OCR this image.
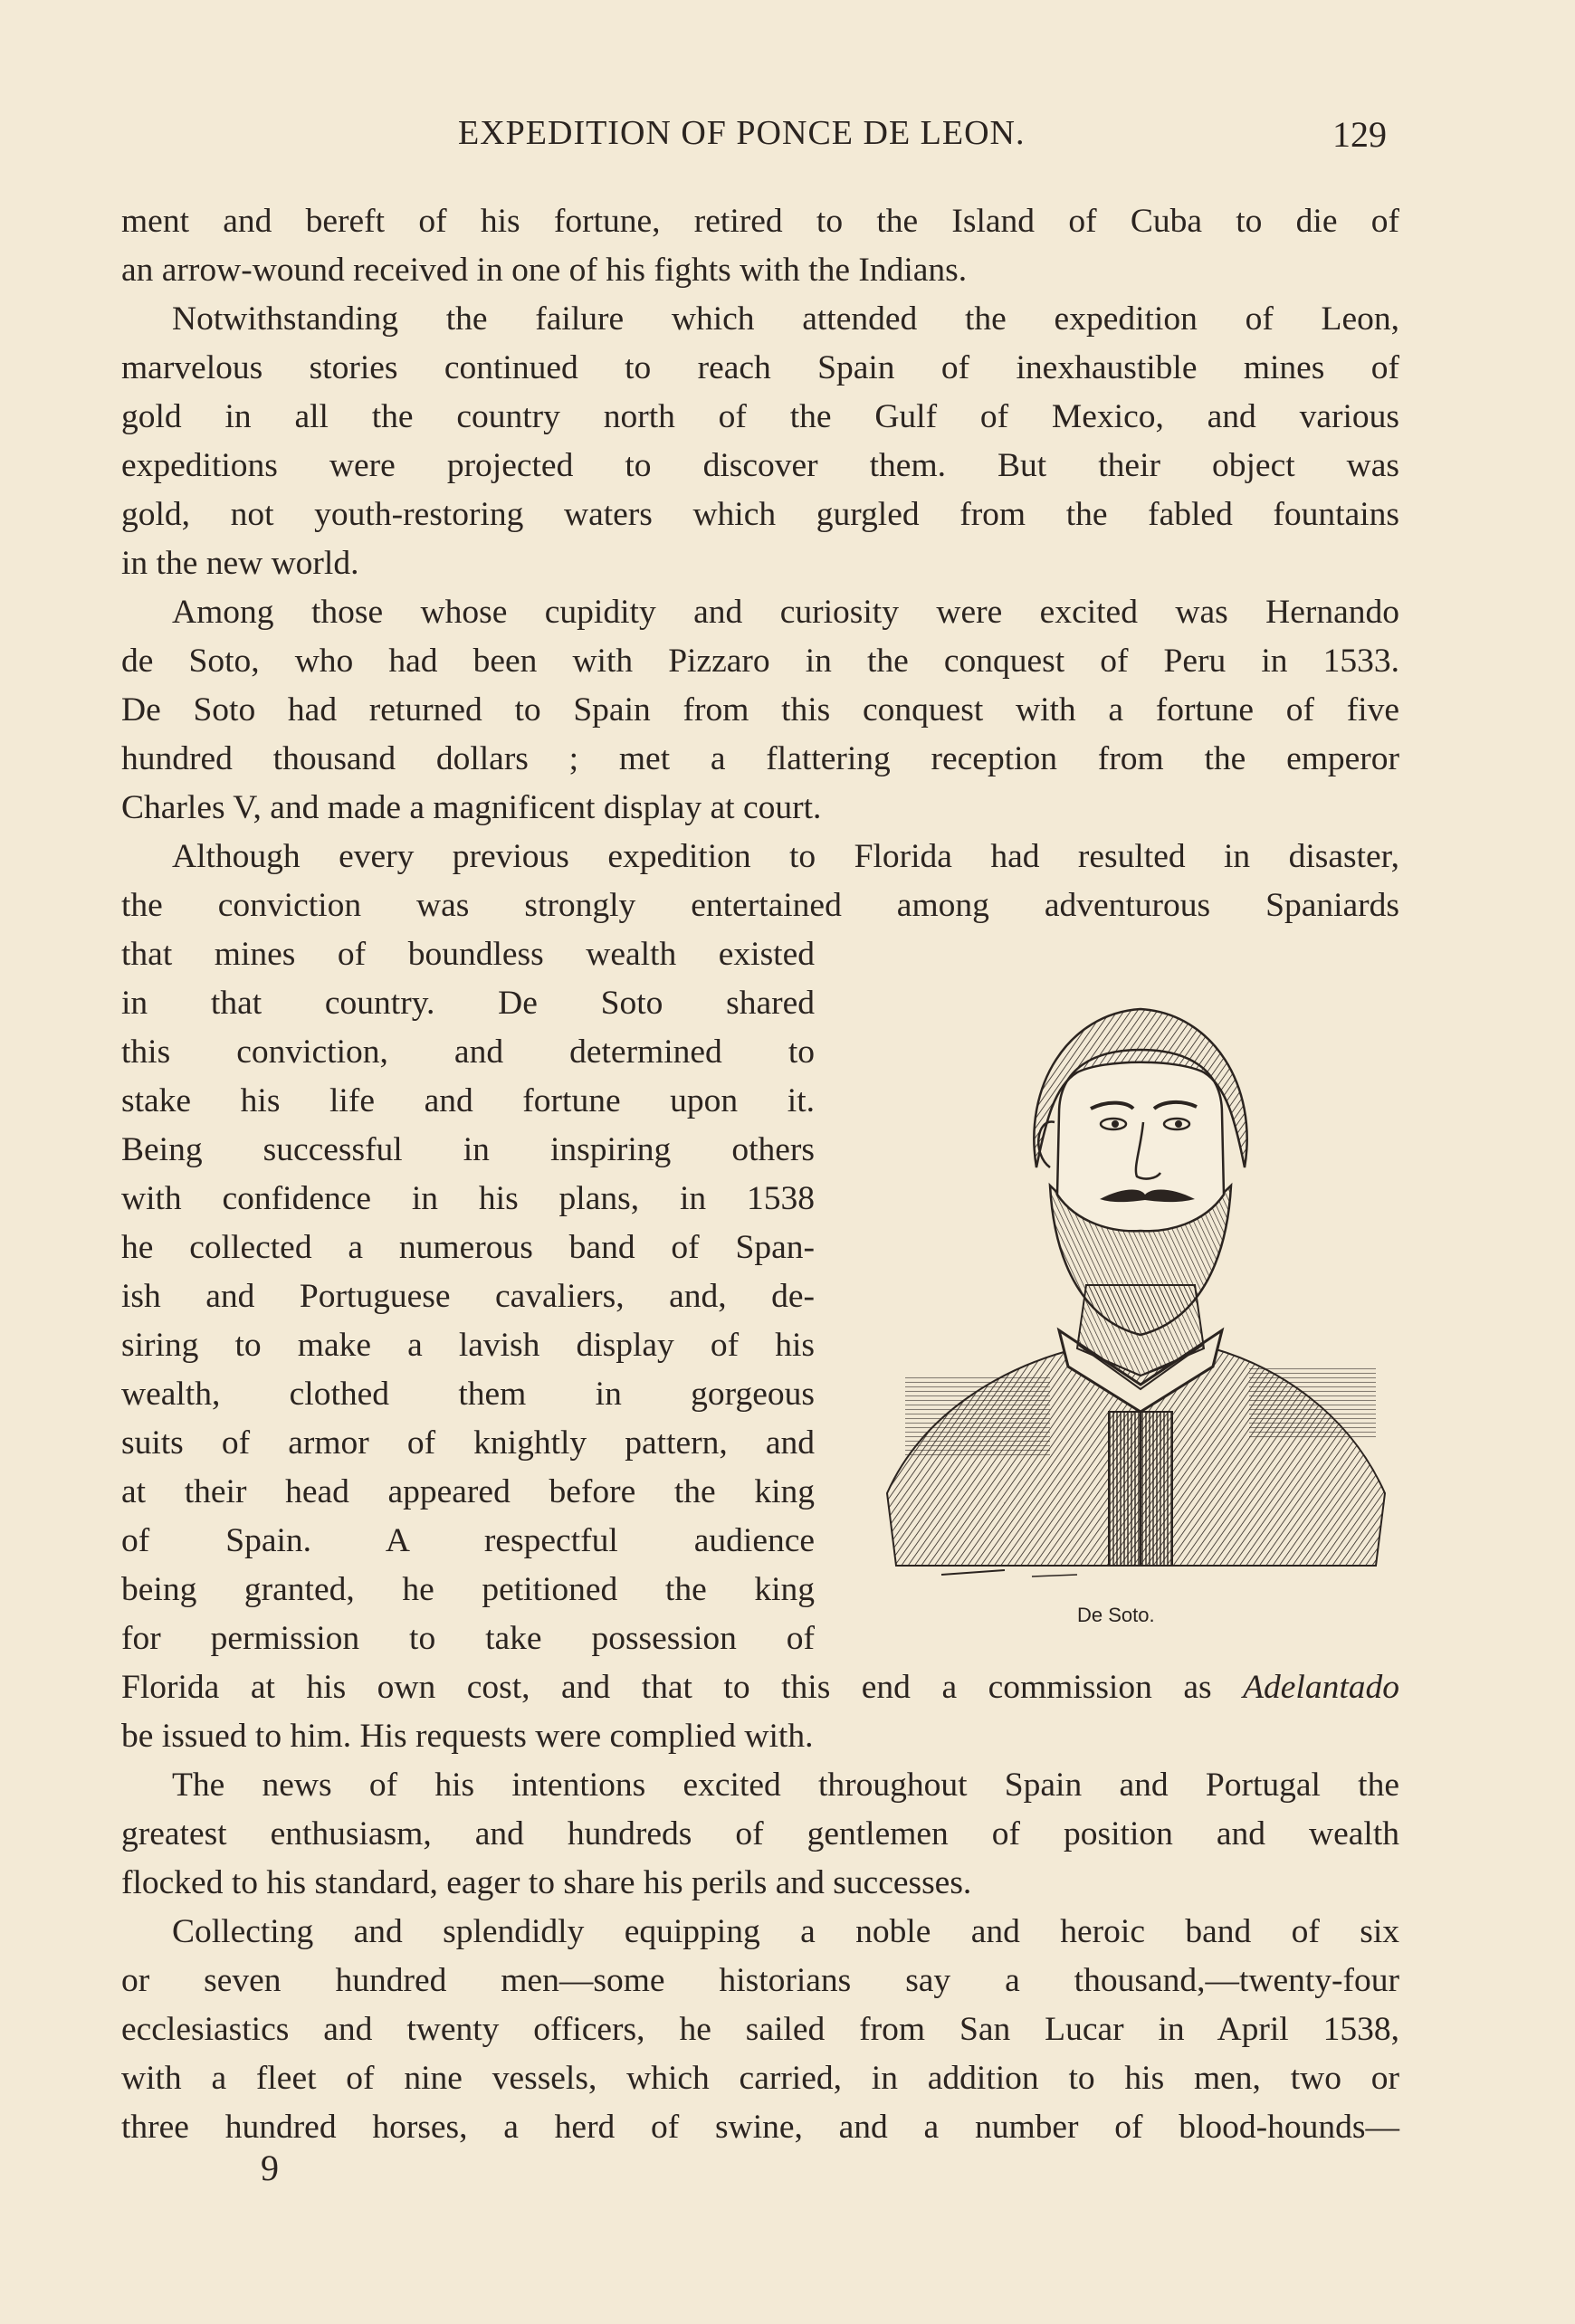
EXPEDITION OF PONCE DE LEON.	129
ment and bereft of his fortune, retired to the Island of Cuba to die of
an arrow-wound received in one of his fights with the Indians.
Notwithstanding the failure which attended the expedition of Leon,
marvelous stories continued to reach Spain of inexhaustible mines of
gold in all the country north of the Gulf of Mexico, and various
expeditions were projected to discover them. But their object was
gold, not youth-restoring waters which gurgled from the fabled fountains
in the new world.
Among those whose cupidity and curiosity were excited was Hernando
de Soto, who had been with Pizzaro in the conquest of Peru in 1533.
De Soto had returned to Spain from this conquest with a fortune of five
hundred thousand dollars ; met a flattering reception from the emperor
Charles V, and made a magnificent display at court.
Although every previous expedition to Florida had resulted in disaster,
the conviction was strongly entertained among adventurous Spaniards
that mines of boundless wealth existed
in that country. De Soto shared
this conviction, and determined to
stake his life and fortune upon it.
Being successful in inspiring others
with confidence in his plans, in 1538
he collected a numerous band of Span-
ish and Portuguese cavaliers, and, de-
siring to make a lavish display of his
wealth, clothed them in gorgeous
suits of armor of knightly pattern, and
at their head appeared before the king
of Spain. A respectful audience
being granted, he petitioned the king
for permission to take possession of
Florida at his own cost, and that to this end a commission as Adelantado
be issued to him. His requests were complied with.
The news of his intentions excited throughout Spain and Portugal the
greatest enthusiasm, and hundreds of gentlemen of position and wealth
flocked to his standard, eager to share his perils and successes.
Collecting and splendidly equipping a noble and heroic band of six
or seven hundred men—some historians say a thousand,—twenty-four
ecclesiastics and twenty officers, he sailed from San Lucar in April 1538,
with a fleet of nine vessels, which carried, in addition to his men, two or
three hundred horses, a herd of swine, and a number of blood-hounds—
De Soto.
9
